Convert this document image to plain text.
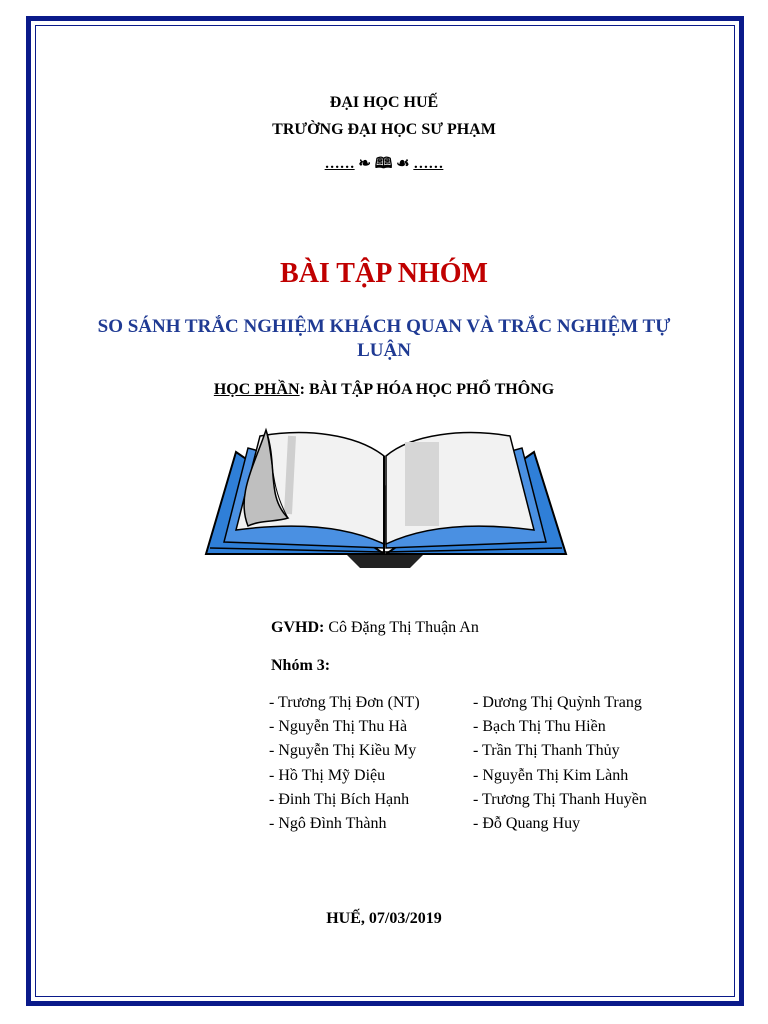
ĐẠI HỌC HUẾ
TRƯỜNG ĐẠI HỌC SƯ PHẠM
…… ❧ 🕮 ☙ ……
BÀI TẬP NHÓM
SO SÁNH TRẮC NGHIỆM KHÁCH QUAN VÀ TRẮC NGHIỆM TỰ LUẬN
HỌC PHẦN: BÀI TẬP HÓA HỌC PHỔ THÔNG
GVHD: Cô Đặng Thị Thuận An
Nhóm 3:
- Trương Thị Đơn (NT)
- Nguyễn Thị Thu Hà
- Nguyễn Thị Kiều My
- Hồ Thị Mỹ Diệu
- Đinh Thị Bích Hạnh
- Ngô Đình Thành
- Dương Thị Quỳnh Trang
- Bạch Thị Thu Hiền
- Trần Thị Thanh Thủy
- Nguyễn Thị Kim Lành
- Trương Thị Thanh Huyền
- Đỗ Quang Huy
HUẾ, 07/03/2019
